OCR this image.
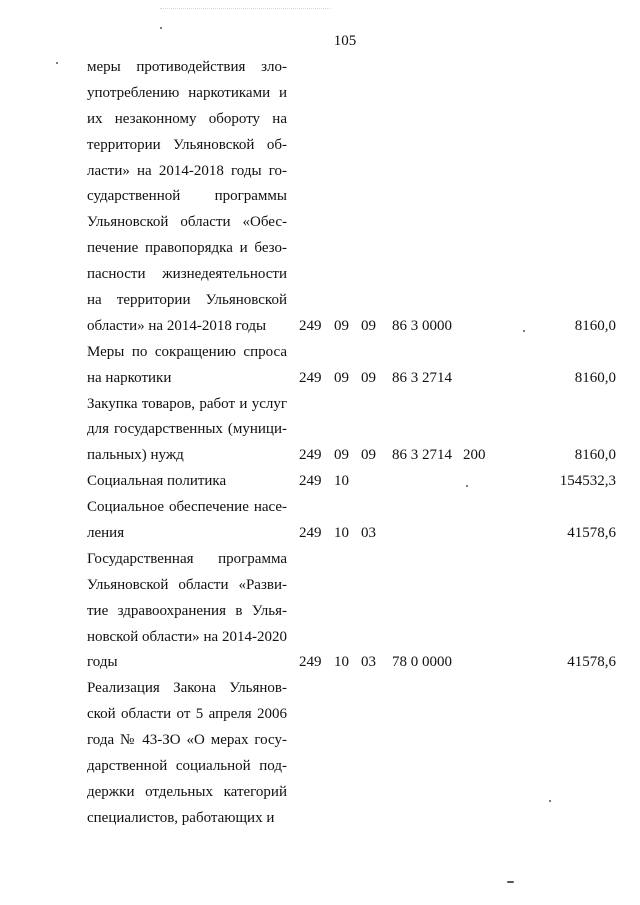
105
меры противодействия зло-
употреблению наркотиками и
их незаконному обороту на
территории Ульяновской об-
ласти» на 2014-2018 годы го-
сударственной программы
Ульяновской области «Обес-
печение правопорядка и безо-
пасности жизнедеятельности
на территории Ульяновской
области» на 2014-2018 годы	249 09 09 86 3 0000	8160,0
Меры по сокращению спроса
на наркотики	249 09 09 86 3 2714	8160,0
Закупка товаров, работ и услуг
для государственных (муници-
пальных) нужд	249 09 09 86 3 2714 200	8160,0
Социальная политика	249 10	154532,3
Социальное обеспечение насе-
ления	249 10 03	41578,6
Государственная программа
Ульяновской области «Разви-
тие здравоохранения в Улья-
новской области» на 2014-2020
годы	249 10 03 78 0 0000	41578,6
Реализация Закона Ульянов-
ской области от 5 апреля 2006
года № 43-ЗО «О мерах госу-
дарственной социальной под-
держки отдельных категорий
специалистов, работающих и
